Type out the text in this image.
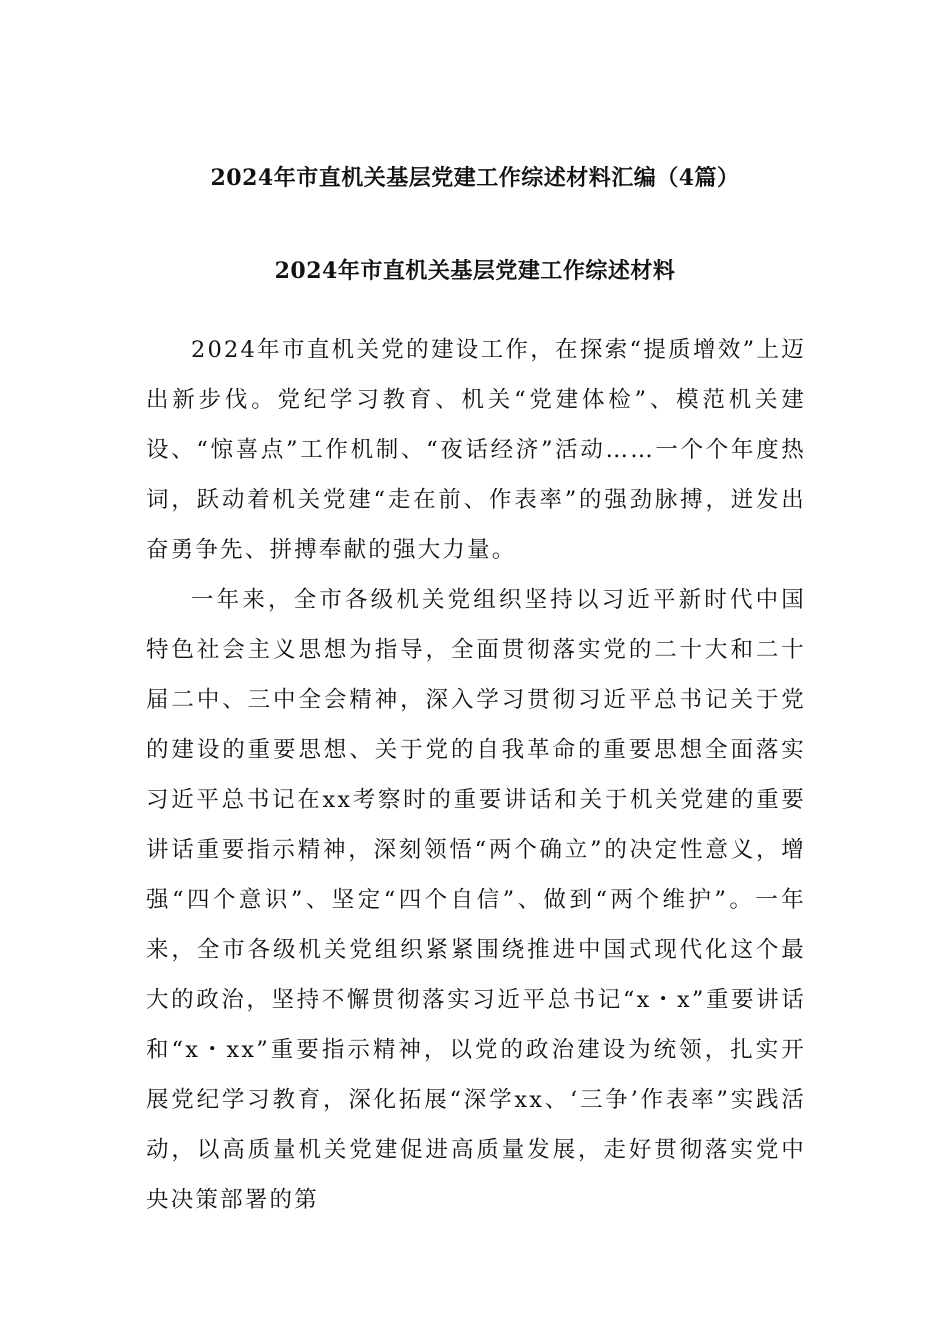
2024年市直机关基层党建工作综述材料汇编（4篇）
2024年市直机关基层党建工作综述材料

2024年市直机关党的建设工作，在探索“提质增效”上迈出新步伐。党纪学习教育、机关“党建体检”、模范机关建设、“惊喜点”工作机制、“夜话经济”活动……一个个年度热词，跃动着机关党建“走在前、作表率”的强劲脉搏，迸发出奋勇争先、拼搏奉献的强大力量。

一年来，全市各级机关党组织坚持以习近平新时代中国特色社会主义思想为指导，全面贯彻落实党的二十大和二十届二中、三中全会精神，深入学习贯彻习近平总书记关于党的建设的重要思想、关于党的自我革命的重要思想全面落实习近平总书记在xx考察时的重要讲话和关于机关党建的重要讲话重要指示精神，深刻领悟“两个确立”的决定性意义，增强“四个意识”、坚定“四个自信”、做到“两个维护”。一年来，全市各级机关党组织紧紧围绕推进中国式现代化这个最大的政治，坚持不懈贯彻落实习近平总书记“x・x”重要讲话和“x・xx”重要指示精神，以党的政治建设为统领，扎实开展党纪学习教育，深化拓展“深学xx、‘三争’作表率”实践活动，以高质量机关党建促进高质量发展，走好贯彻落实党中央决策部署的第
